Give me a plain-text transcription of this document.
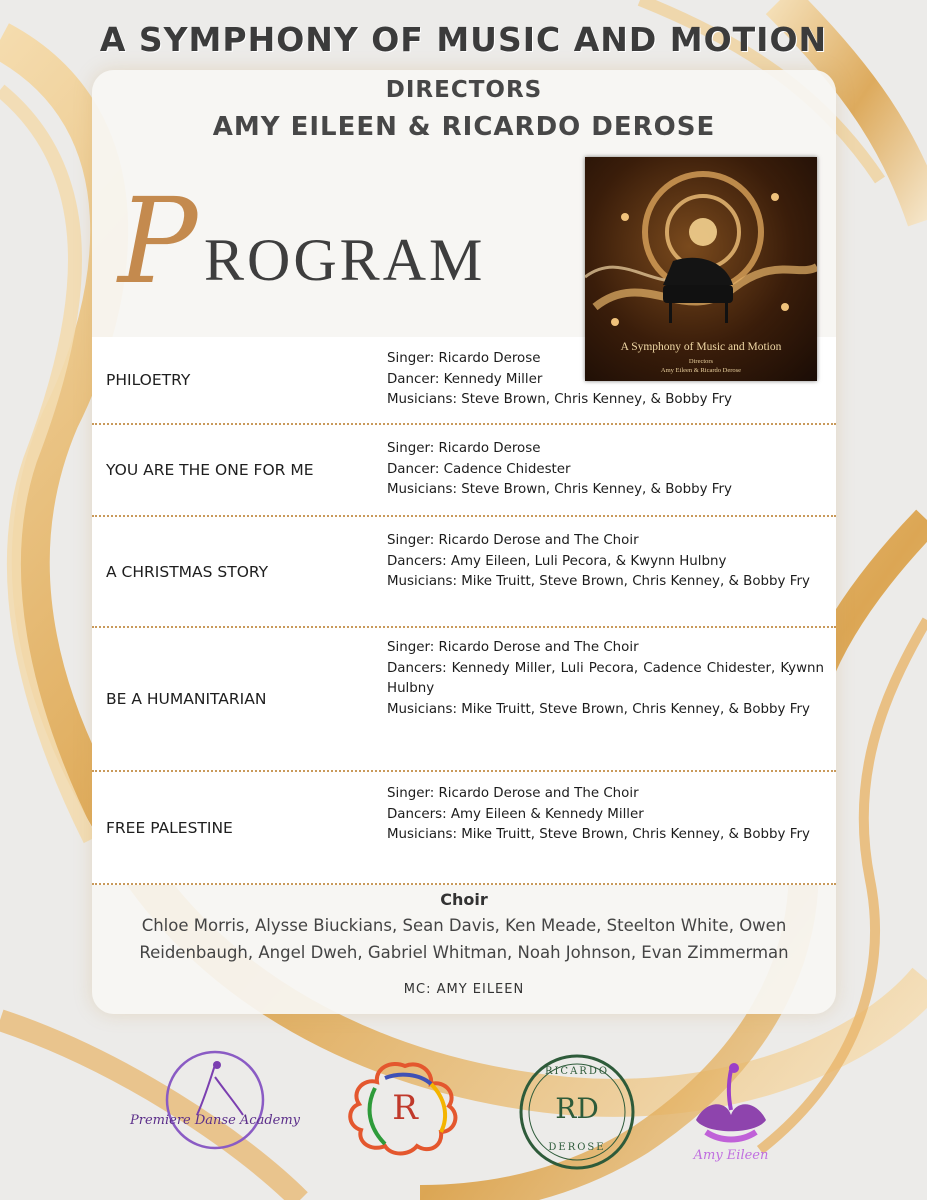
A SYMPHONY OF MUSIC AND MOTION
DIRECTORS
AMY EILEEN & RICARDO DEROSE
P ROGRAM
PHILOETRY
Singer: Ricardo Derose
Dancer: Kennedy Miller
Musicians: Steve Brown, Chris Kenney, & Bobby Fry
YOU ARE THE ONE FOR ME
Singer: Ricardo Derose
Dancer: Cadence Chidester
Musicians: Steve Brown, Chris Kenney, & Bobby Fry
A CHRISTMAS STORY
Singer: Ricardo Derose and The Choir
Dancers: Amy Eileen, Luli Pecora, & Kwynn Hulbny
Musicians: Mike Truitt, Steve Brown, Chris Kenney, & Bobby Fry
BE A HUMANITARIAN
Singer: Ricardo Derose and The Choir
Dancers: Kennedy Miller, Luli Pecora, Cadence Chidester, Kywnn Hulbny
Musicians: Mike Truitt, Steve Brown, Chris Kenney, & Bobby Fry
FREE PALESTINE
Singer: Ricardo Derose and The Choir
Dancers: Amy Eileen & Kennedy Miller
Musicians: Mike Truitt, Steve Brown, Chris Kenney, & Bobby Fry
A Symphony of Music and Motion
Directors
Amy Eileen & Ricardo Derose
Choir
Chloe Morris, Alysse Biuckians, Sean Davis, Ken Meade, Steelton White, Owen Reidenbaugh, Angel Dweh, Gabriel Whitman, Noah Johnson, Evan Zimmerman
MC: AMY EILEEN
Premiere Danse Academy	R
RICARDO
RD
DEROSE
Amy Eileen
